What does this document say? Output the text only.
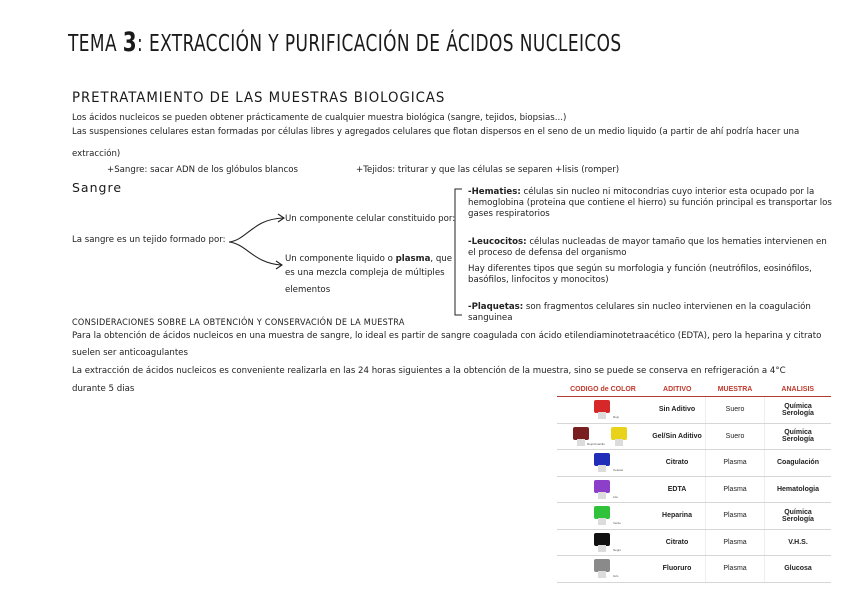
TEMA 3: EXTRACCIÓN Y PURIFICACIÓN DE ÁCIDOS NUCLEICOS
PRETRATAMIENTO DE LAS MUESTRAS BIOLOGICAS
Los ácidos nucleicos se pueden obtener prácticamente de cualquier muestra biológica (sangre, tejidos, biopsias...)
Las suspensiones celulares estan formadas por células libres y agregados celulares que flotan dispersos en el seno de un medio liquido (a partir de ahí podría hacer una
extracción)
+Sangre: sacar ADN de los glóbulos blancos	+Tejidos: triturar y que las células se separen +lisis (romper)
Sangre
La sangre es un tejido formado por:
Un componente celular constituido por:
Un componente liquido o plasma, que
es una mezcla compleja de múltiples
elementos
-Hematies: células sin nucleo ni mitocondrias cuyo interior esta ocupado por la hemoglobina (proteina que contiene el hierro) su función principal es transportar los gases respiratorios
-Leucocitos: células nucleadas de mayor tamaño que los hematies intervienen en el proceso de defensa del organismo
Hay diferentes tipos que según su morfologia y función (neutrófilos, eosinófilos, basófilos, linfocitos y monocitos)
-Plaquetas: son fragmentos celulares sin nucleo intervienen en la coagulación sanguinea
CONSIDERACIONES SOBRE LA OBTENCIÓN Y CONSERVACIÓN DE LA MUESTRA
Para la obtención de ácidos nucleicos en una muestra de sangre, lo ideal es partir de sangre coagulada con ácido etilendiaminotetraacético (EDTA), pero la heparina y citrato
suelen ser anticoagulantes
La extracción de ácidos nucleicos es conveniente realizarla en las 24 horas siguientes a la obtención de la muestra, sino se puede se conserva en refrigeración a 4°C
durante 5 dias	CODIGO de COLOR	ADITIVO	MUESTRA	ANALISIS

Rojo	Sin Aditivo	Suero	Química Serología

Rojo/Amarillo	Gel/Sin Aditivo	Suero	Química Serología

Celeste	Citrato	Plasma	Coagulación

Lila	EDTA	Plasma	Hematologia

Verde	Heparina	Plasma	Química Serología

Negro	Citrato	Plasma	V.H.S.

Gris	Fluoruro	Plasma	Glucosa
